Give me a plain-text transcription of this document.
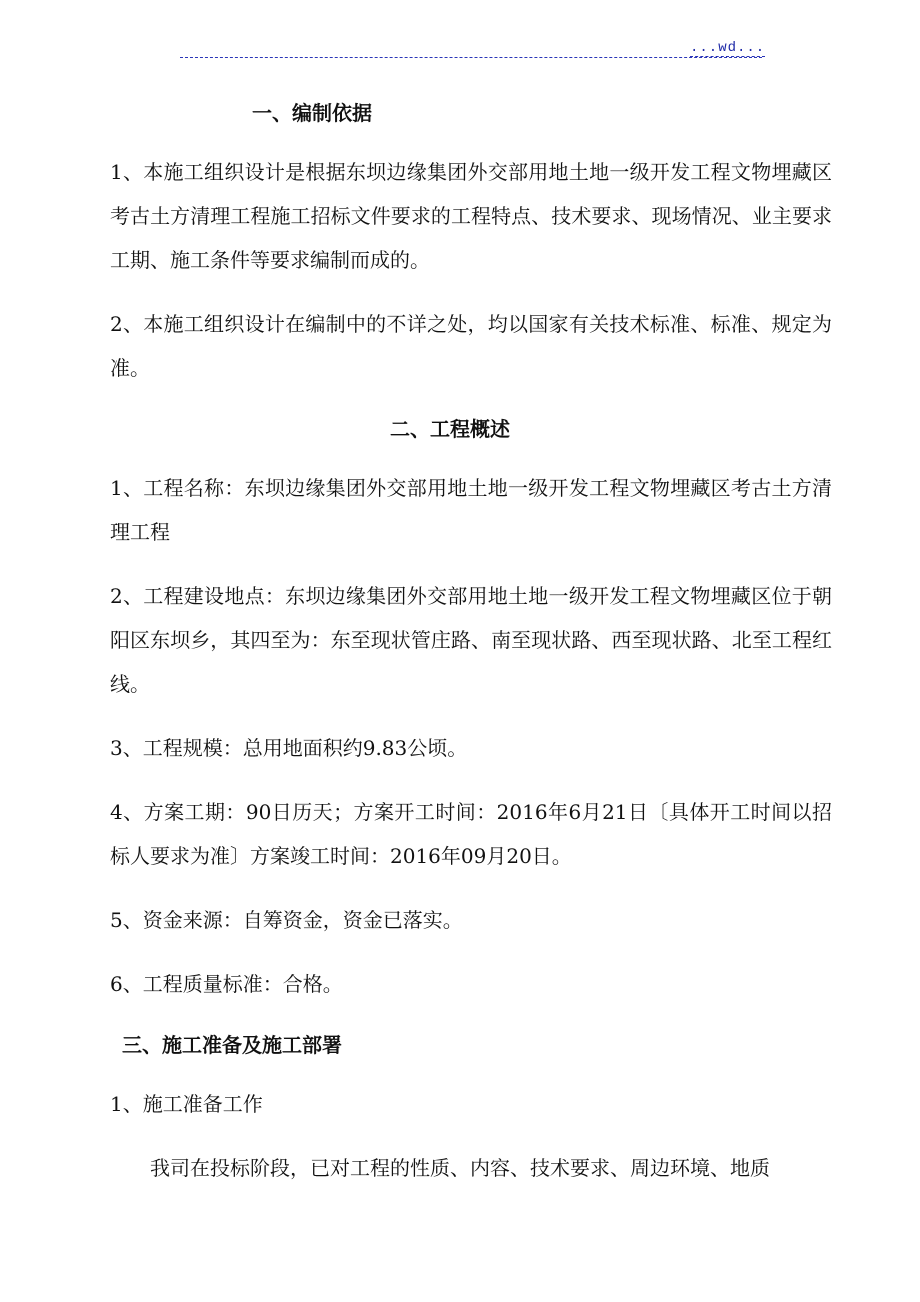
...wd...
一、编制依据

1、本施工组织设计是根据东坝边缘集团外交部用地土地一级开发工程文物埋藏区考古土方清理工程施工招标文件要求的工程特点、技术要求、现场情况、业主要求工期、施工条件等要求编制而成的。

2、本施工组织设计在编制中的不详之处，均以国家有关技术标准、标准、规定为准。

二、工程概述

1、工程名称：东坝边缘集团外交部用地土地一级开发工程文物埋藏区考古土方清理工程

2、工程建设地点：东坝边缘集团外交部用地土地一级开发工程文物埋藏区位于朝阳区东坝乡，其四至为：东至现状管庄路、南至现状路、西至现状路、北至工程红线。

3、工程规模：总用地面积约9.83公顷。

4、方案工期：90日历天；方案开工时间：2016年6月21日〔具体开工时间以招标人要求为准〕方案竣工时间：2016年09月20日。

5、资金来源：自筹资金，资金已落实。

6、工程质量标准：合格。

三、施工准备及施工部署

1、施工准备工作

我司在投标阶段，已对工程的性质、内容、技术要求、周边环境、地质
